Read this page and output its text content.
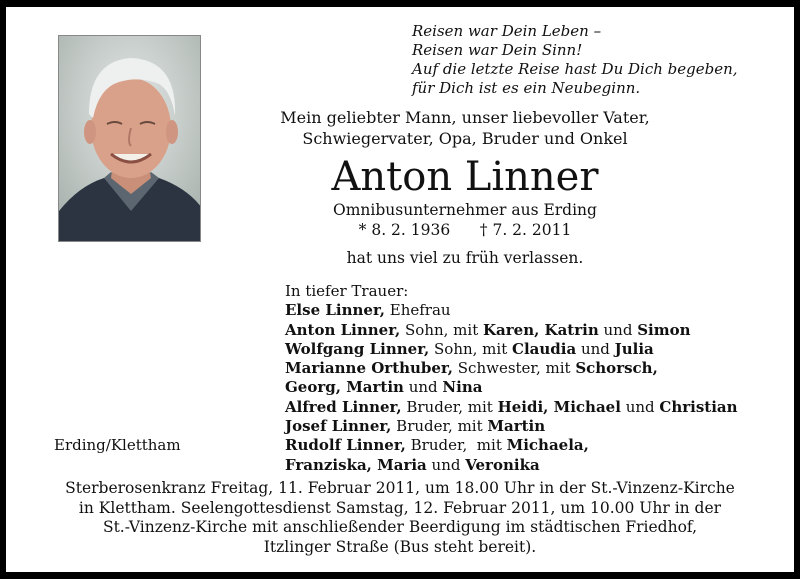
Reisen war Dein Leben –
Reisen war Dein Sinn!
Auf die letzte Reise hast Du Dich begeben,
für Dich ist es ein Neubeginn.
Mein geliebter Mann, unser liebevoller Vater,
Schwiegervater, Opa, Bruder und Onkel
Anton Linner
Omnibusunternehmer aus Erding
* 8. 2. 1936 † 7. 2. 2011
hat uns viel zu früh verlassen.
In tiefer Trauer:
Else Linner, Ehefrau
Anton Linner, Sohn, mit Karen, Katrin und Simon
Wolfgang Linner, Sohn, mit Claudia und Julia
Marianne Orthuber, Schwester, mit Schorsch,
Georg, Martin und Nina
Alfred Linner, Bruder, mit Heidi, Michael und Christian
Josef Linner, Bruder, mit Martin
Rudolf Linner, Bruder,  mit Michaela,
Franziska, Maria und Veronika
Erding/Klettham
Sterberosenkranz Freitag, 11. Februar 2011, um 18.00 Uhr in der St.-Vinzenz-Kirche
in Klettham. Seelengottesdienst Samstag, 12. Februar 2011, um 10.00 Uhr in der
St.-Vinzenz-Kirche mit anschließender Beerdigung im städtischen Friedhof,
Itzlinger Straße (Bus steht bereit).
